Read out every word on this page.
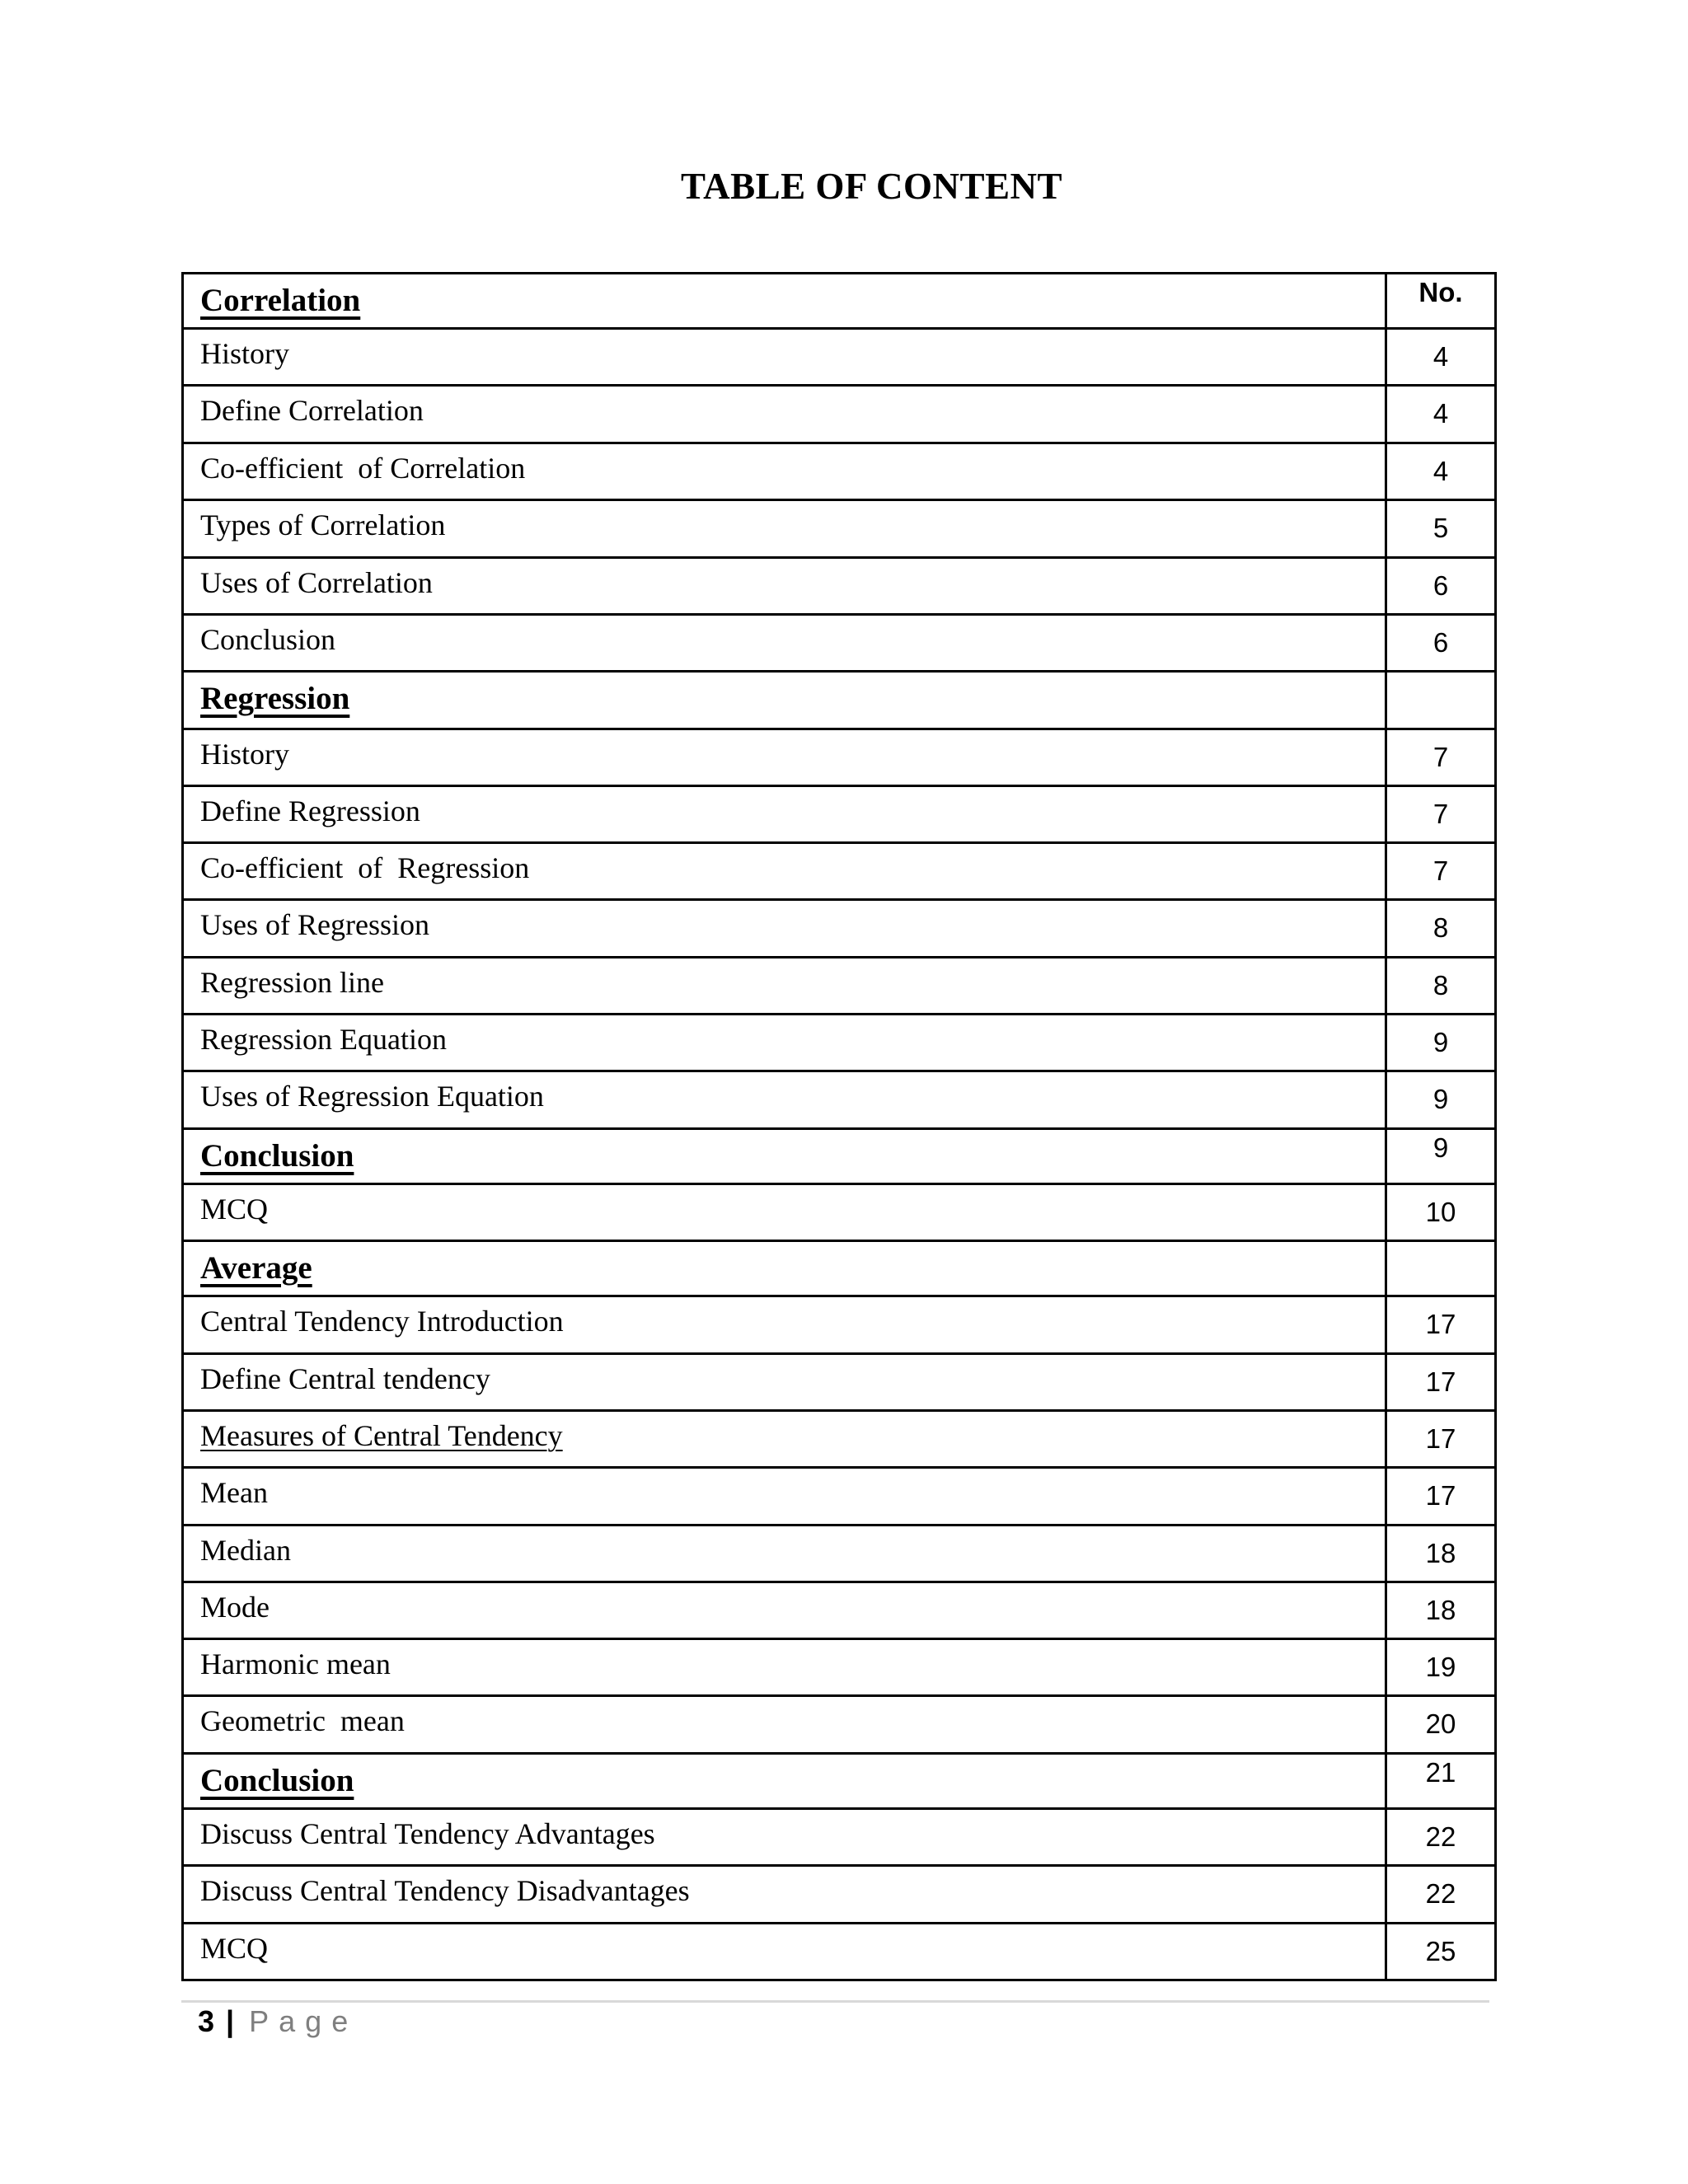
TABLE OF CONTENT
Correlation	No.
History	4
Define Correlation	4
Co-efficient  of Correlation	4
Types of Correlation	5
Uses of Correlation	6
Conclusion	6
Regression	
History	7
Define Regression	7
Co-efficient  of  Regression	7
Uses of Regression	8
Regression line	8
Regression Equation	9
Uses of Regression Equation	9
Conclusion	9
MCQ	10
Average	
Central Tendency Introduction	17
Define Central tendency	17
Measures of Central Tendency	17
Mean	17
Median	18
Mode	18
Harmonic mean	19
Geometric  mean	20
Conclusion	21
Discuss Central Tendency Advantages	22
Discuss Central Tendency Disadvantages	22
MCQ	25
3 | Page
